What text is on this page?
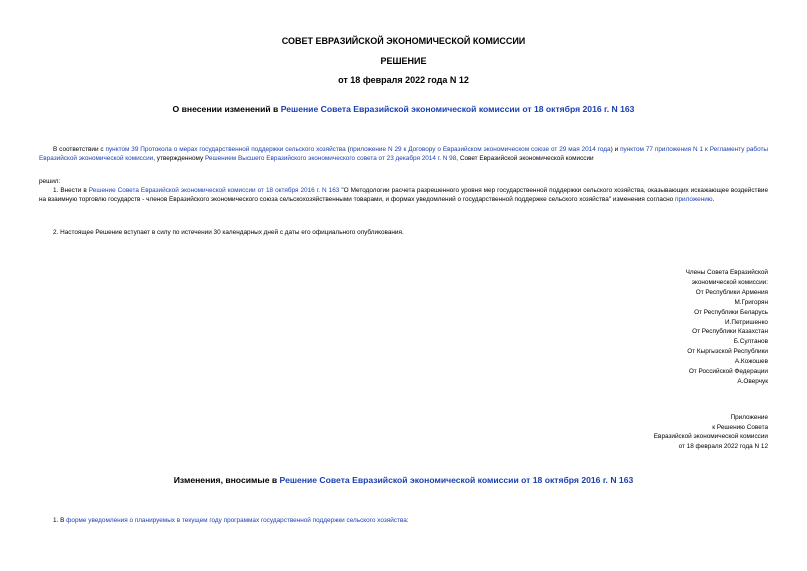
СОВЕТ ЕВРАЗИЙСКОЙ ЭКОНОМИЧЕСКОЙ КОМИССИИ
РЕШЕНИЕ
от 18 февраля 2022 года N 12
О внесении изменений в Решение Совета Евразийской экономической комиссии от 18 октября 2016 г. N 163
В соответствии с пунктом 39 Протокола о мерах государственной поддержки сельского хозяйства (приложение N 29 к Договору о Евразийском экономическом союзе от 29 мая 2014 года) и пунктом 77 приложения N 1 к Регламенту работы Евразийской экономической комиссии, утвержденному Решением Высшего Евразийского экономического совета от 23 декабря 2014 г. N 98, Совет Евразийской экономической комиссии
решил:
1. Внести в Решение Совета Евразийской экономической комиссии от 18 октября 2016 г. N 163 "О Методологии расчета разрешенного уровня мер государственной поддержки сельского хозяйства, оказывающих искажающее воздействие на взаимную торговлю государств - членов Евразийского экономического союза сельскохозяйственными товарами, и формах уведомлений о государственной поддержке сельского хозяйства" изменения согласно приложению.
2. Настоящее Решение вступает в силу по истечении 30 календарных дней с даты его официального опубликования.
Члены Совета Евразийской
экономической комиссии:
От Республики Армения
М.Григорян
От Республики Беларусь
И.Петришенко
От Республики Казахстан
Б.Султанов
От Кыргызской Республики
А.Кожошев
От Российской Федерации
А.Оверчук
Приложение
к Решению Совета
Евразийской экономической комиссии
от 18 февраля 2022 года N 12
Изменения, вносимые в Решение Совета Евразийской экономической комиссии от 18 октября 2016 г. N 163
1. В форме уведомления о планируемых в текущем году программах государственной поддержки сельского хозяйства:
